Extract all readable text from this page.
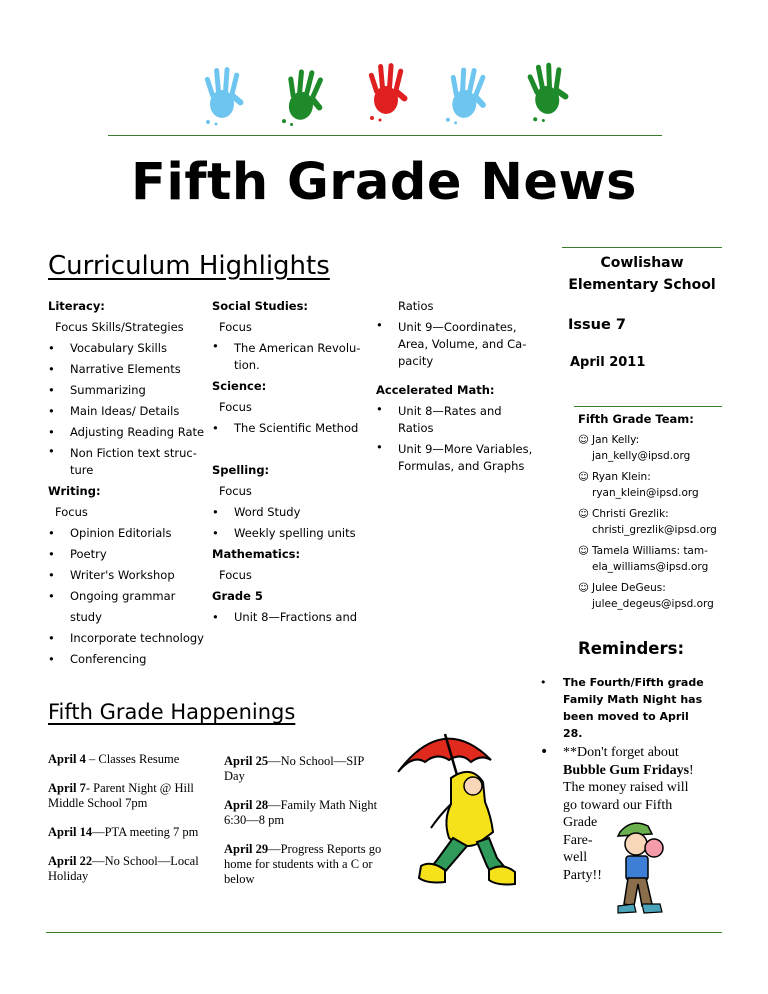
Fifth Grade News
Curriculum Highlights
Literacy:
Focus Skills/Strategies
• Vocabulary Skills
• Narrative Elements
• Summarizing
• Main Ideas/ Details
• Adjusting Reading Rate
• Non Fiction text struc-
ture
Writing:
Focus
• Opinion Editorials
• Poetry
• Writer's Workshop
• Ongoing grammar study
• Incorporate technology
• Conferencing
Social Studies:
Focus
• The American Revolu-
tion.
Science:
Focus
• The Scientific Method
Spelling:
Focus
• Word Study
• Weekly spelling units
Mathematics:
Focus
Grade 5
• Unit 8—Fractions and
Ratios
• Unit 9—Coordinates,
Area, Volume, and Ca-
pacity
Accelerated Math:
• Unit 8—Rates and
Ratios
• Unit 9—More Variables,
Formulas, and Graphs
Cowlishaw
Elementary School
Issue 7
April 2011
Fifth Grade Team:
☺ Jan Kelly:
jan_kelly@ipsd.org
☺ Ryan Klein:
ryan_klein@ipsd.org
☺ Christi Grezlik:
christi_grezlik@ipsd.org
☺ Tamela Williams: tam-
ela_williams@ipsd.org
☺ Julee DeGeus:
julee_degeus@ipsd.org
Reminders:
• The Fourth/Fifth grade
Family Math Night has
been moved to April
28.
• **Don't forget about
Bubble Gum Fridays!
The money raised will
go toward our Fifth
Grade
Fare-
well
Party!!
Fifth Grade Happenings
April 4 – Classes Resume
April 7- Parent Night @ Hill Middle School 7pm
April 14—PTA meeting 7 pm
April 22—No School—Local Holiday
April 25—No School—SIP Day
April 28—Family Math Night 6:30—8 pm
April 29—Progress Reports go home for students with a C or below
